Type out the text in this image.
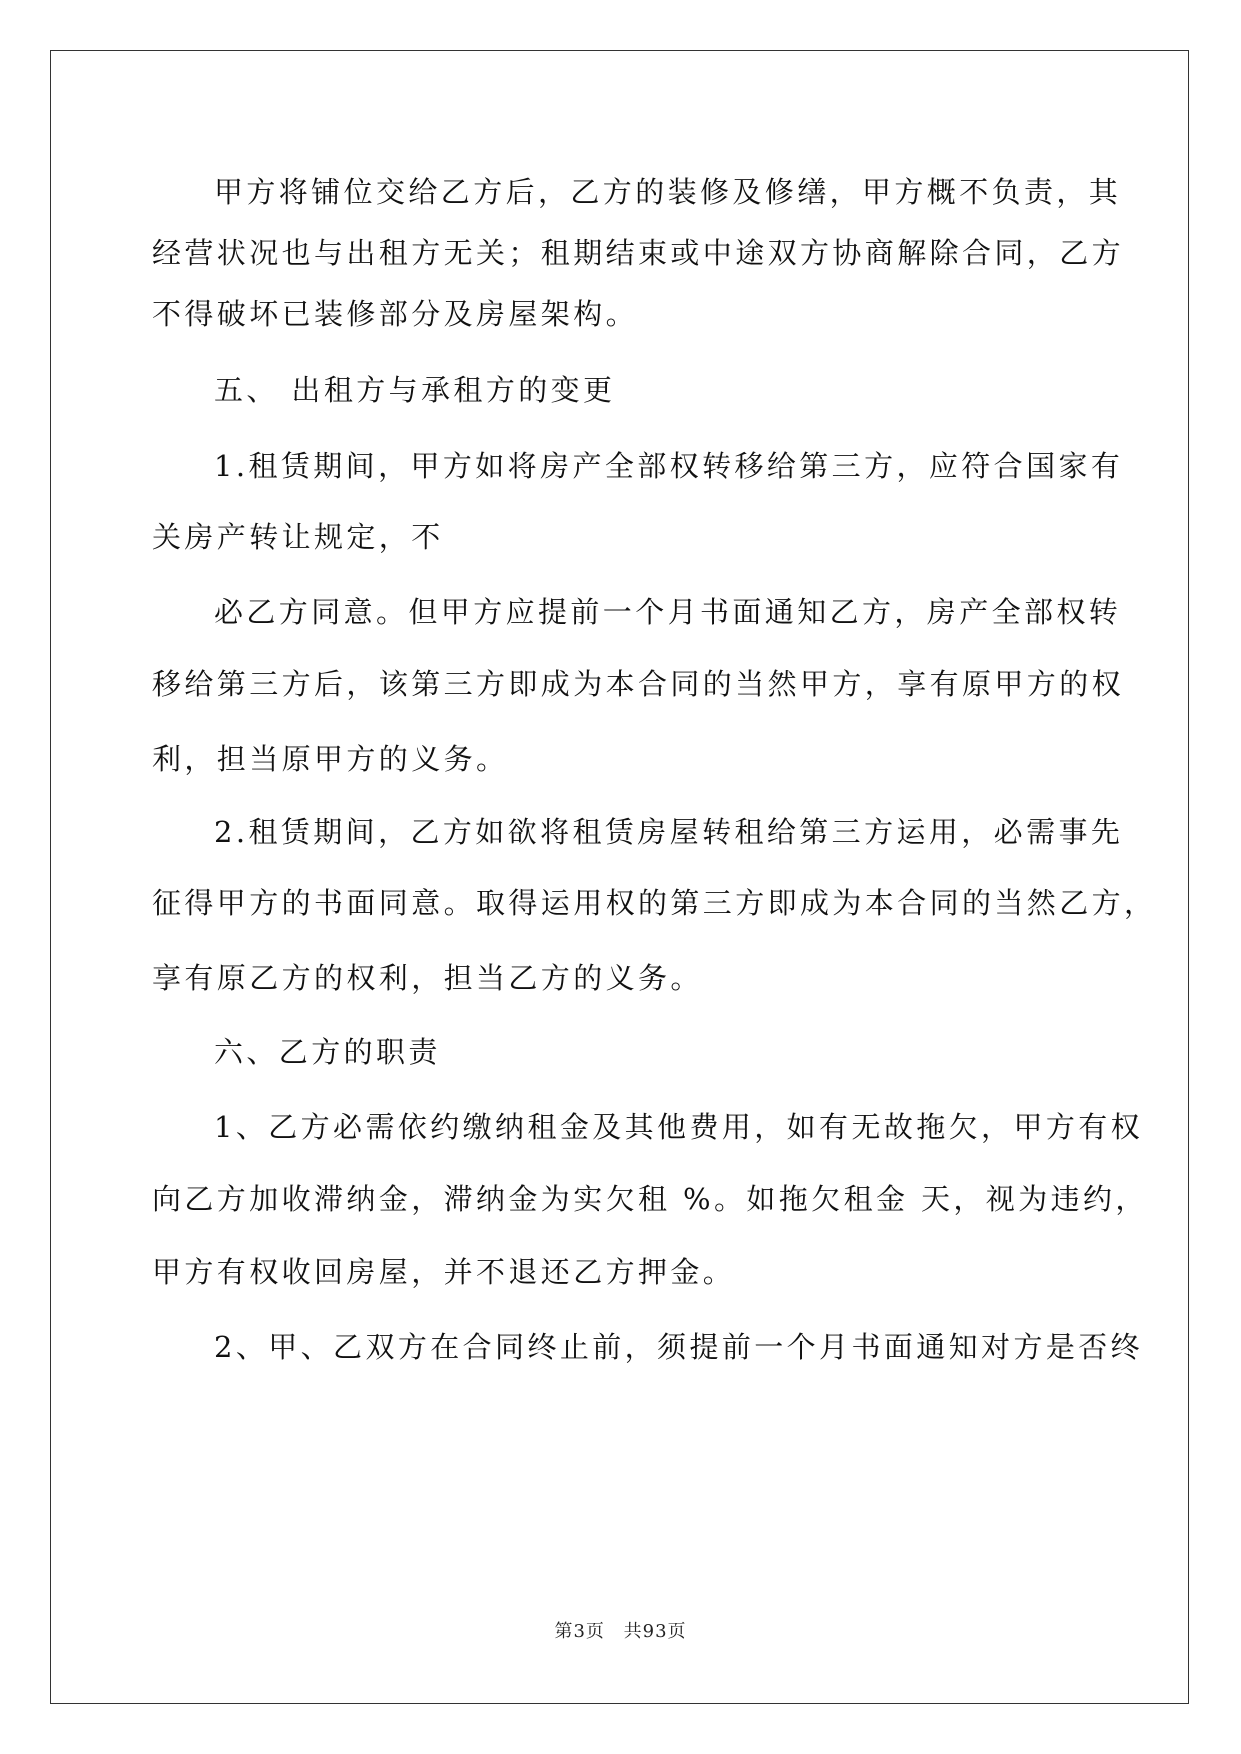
甲方将铺位交给乙方后，乙方的装修及修缮，甲方概不负责，其
经营状况也与出租方无关；租期结束或中途双方协商解除合同，乙方
不得破坏已装修部分及房屋架构。
五、 出租方与承租方的变更
1.租赁期间，甲方如将房产全部权转移给第三方，应符合国家有
关房产转让规定，不
必乙方同意。但甲方应提前一个月书面通知乙方，房产全部权转
移给第三方后，该第三方即成为本合同的当然甲方，享有原甲方的权
利，担当原甲方的义务。
2.租赁期间，乙方如欲将租赁房屋转租给第三方运用，必需事先
征得甲方的书面同意。取得运用权的第三方即成为本合同的当然乙方，
享有原乙方的权利，担当乙方的义务。
六、乙方的职责
1、乙方必需依约缴纳租金及其他费用，如有无故拖欠，甲方有权
向乙方加收滞纳金，滞纳金为实欠租 %。如拖欠租金 天，视为违约，
甲方有权收回房屋，并不退还乙方押金。
2、甲、乙双方在合同终止前，须提前一个月书面通知对方是否终
第3页 共93页
